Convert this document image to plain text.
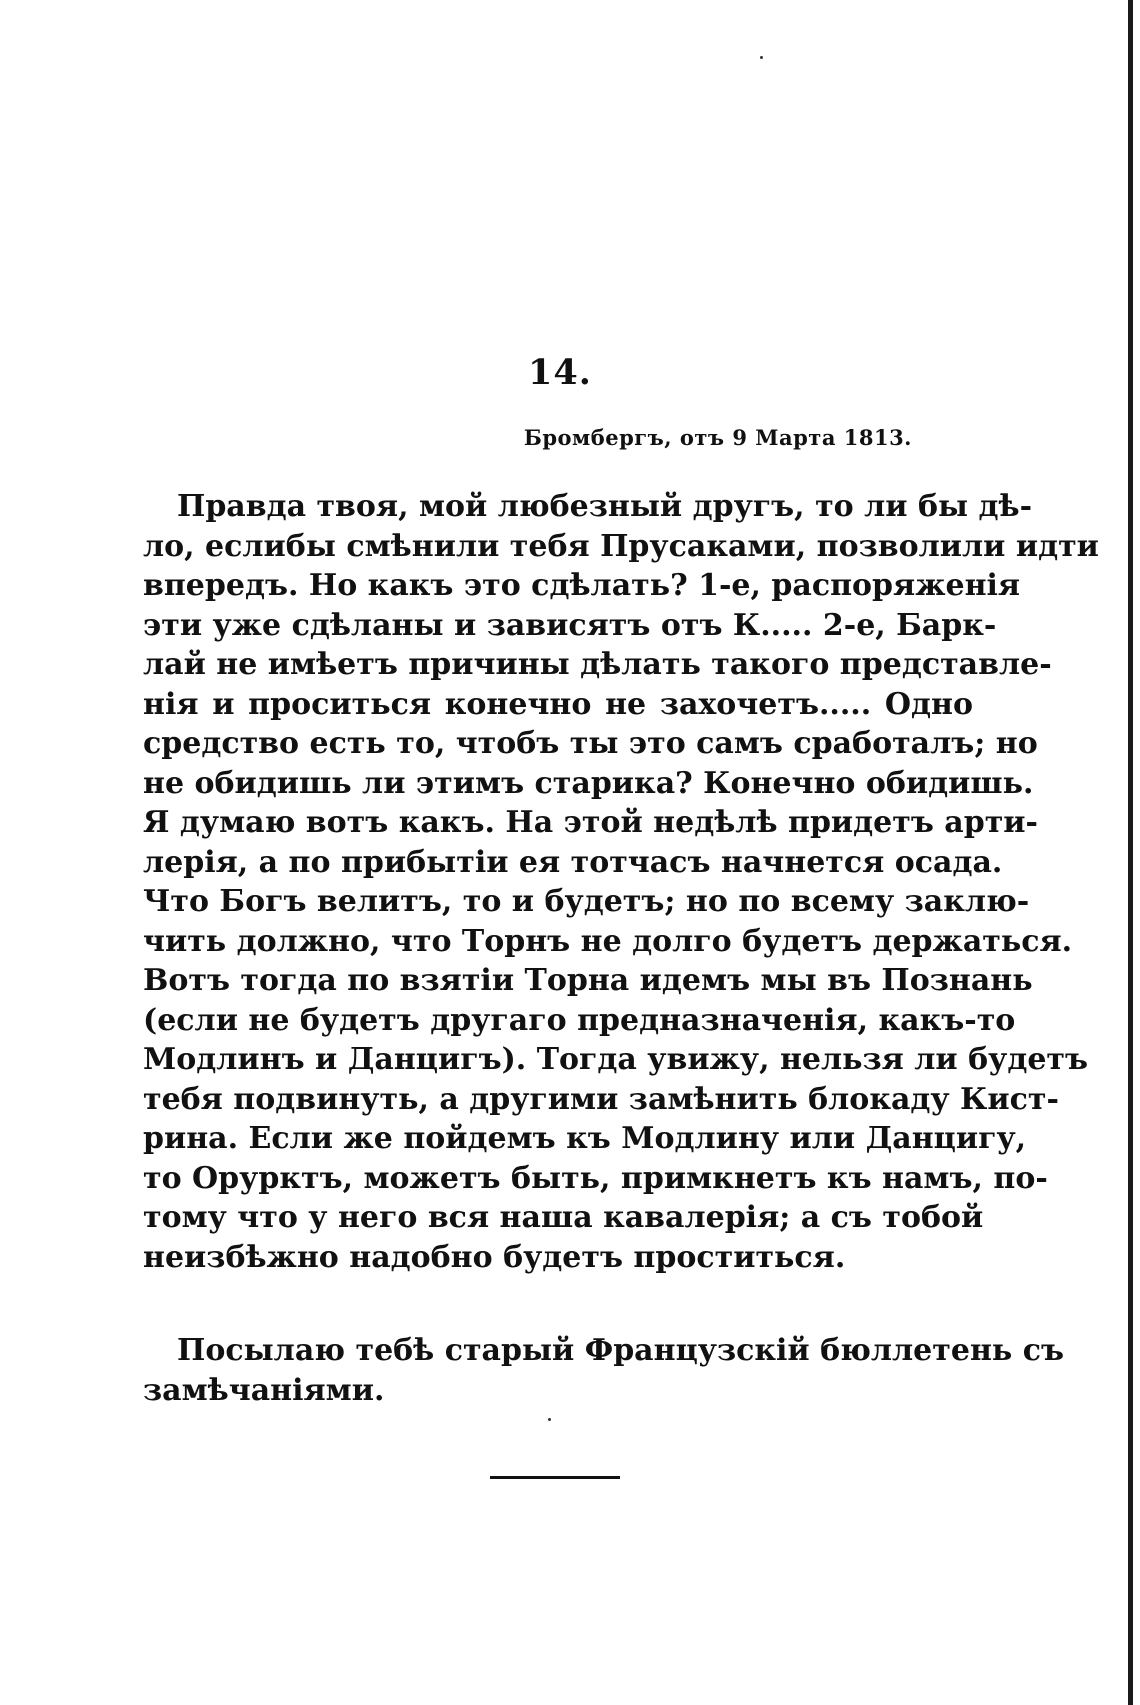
14.
Бромбергъ, отъ 9 Марта 1813.
Правда твоя, мой любезный другъ, то ли бы дѣ-
ло, еслибы смѣнили тебя Прусаками, позволили идти
впередъ. Но какъ это сдѣлать? 1-е, распоряженія
эти уже сдѣланы и зависятъ отъ К..... 2-е, Барк-
лай не имѣетъ причины дѣлать такого представле-
нія и проситься конечно не захочетъ..... Одно
средство есть то, чтобъ ты это самъ сработалъ; но
не обидишь ли этимъ старика? Конечно обидишь.
Я думаю вотъ какъ. На этой недѣлѣ придетъ арти-
лерія, а по прибытіи ея тотчасъ начнется осада.
Что Богъ велитъ, то и будетъ; но по всему заклю-
чить должно, что Торнъ не долго будетъ держаться.
Вотъ тогда по взятіи Торна идемъ мы въ Познань
(если не будетъ другаго предназначенія, какъ-то
Модлинъ и Данцигъ). Тогда увижу, нельзя ли будетъ
тебя подвинуть, а другими замѣнить блокаду Кист-
рина. Если же пойдемъ къ Модлину или Данцигу,
то Орурктъ, можетъ быть, примкнетъ къ намъ, по-
тому что у него вся наша кавалерія; а съ тобой
неизбѣжно надобно будетъ проститься.
Посылаю тебѣ старый Французскій бюллетень съ
замѣчаніями.
